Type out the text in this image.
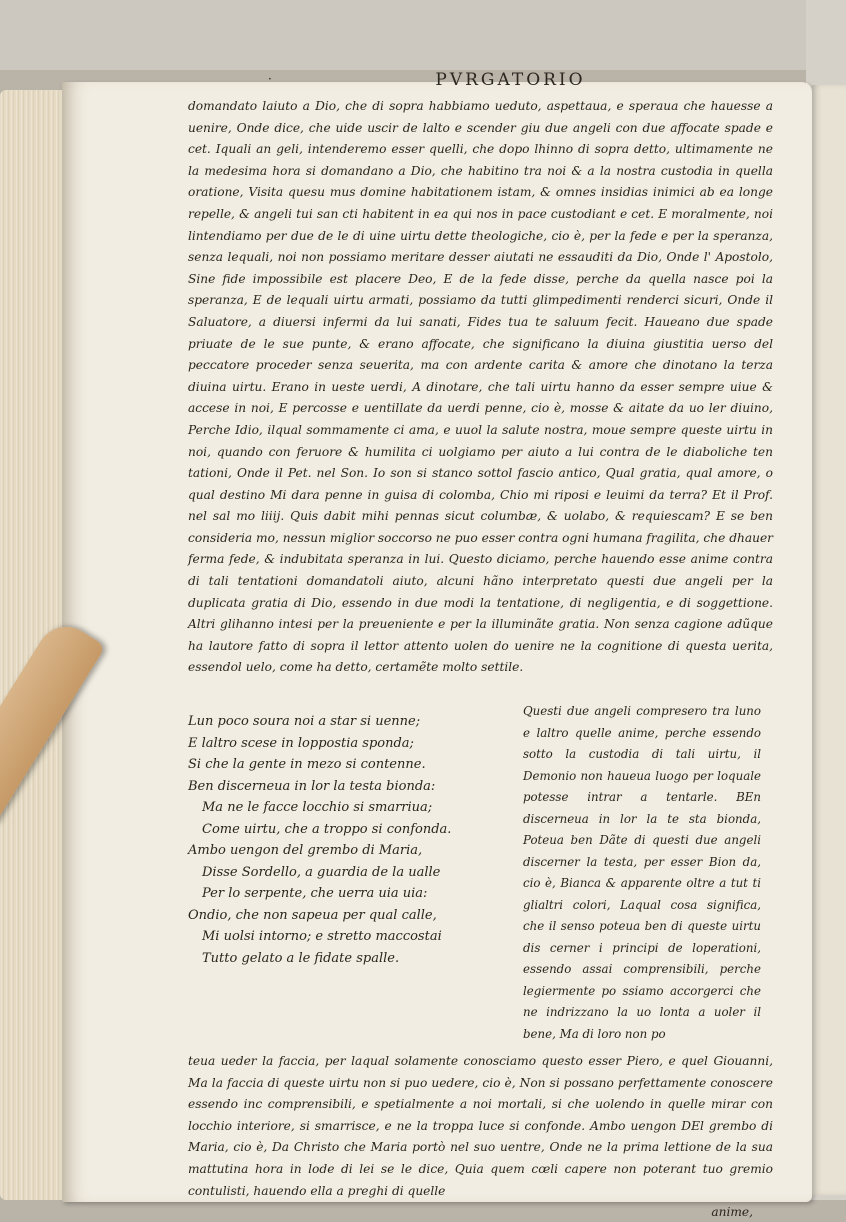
·	PVRGATORIO

domandato laiuto a Dio, che di sopra habbiamo ueduto, aspettaua, e speraua che hauesse a uenire, Onde dice, che uide uscir de lalto e scender giu due angeli con due affocate spade e cet. Iquali an geli, intenderemo esser quelli, che dopo lhinno di sopra detto, ultimamente ne la medesima hora si domandano a Dio, che habitino tra noi & a la nostra custodia in quella oratione, Visita quesu mus domine habitationem istam, & omnes insidias inimici ab ea longe repelle, & angeli tui san cti habitent in ea qui nos in pace custodiant e cet. E moralmente, noi lintendiamo per due de le di uine uirtu dette theologiche, cio è, per la fede e per la speranza, senza lequali, noi non possiamo meritare desser aiutati ne essauditi da Dio, Onde l' Apostolo, Sine fide impossibile est placere Deo, E de la fede disse, perche da quella nasce poi la speranza, E de lequali uirtu armati, possiamo da tutti glimpedimenti renderci sicuri, Onde il Saluatore, a diuersi infermi da lui sanati, Fides tua te saluum fecit. Haueano due spade priuate de le sue punte, & erano affocate, che significano la diuina giustitia uerso del peccatore proceder senza seuerita, ma con ardente carita & amore che dinotano la terza diuina uirtu. Erano in ueste uerdi, A dinotare, che tali uirtu hanno da esser sempre uiue & accese in noi, E percosse e uentillate da uerdi penne, cio è, mosse & aitate da uo ler diuino, Perche Idio, ilqual sommamente ci ama, e uuol la salute nostra, moue sempre queste uirtu in noi, quando con feruore & humilita ci uolgiamo per aiuto a lui contra de le diaboliche ten tationi, Onde il Pet. nel Son. Io son si stanco sottol fascio antico, Qual gratia, qual amore, o qual destino Mi dara penne in guisa di colomba, Chio mi riposi e leuimi da terra? Et il Prof. nel sal mo liiij. Quis dabit mihi pennas sicut columbæ, & uolabo, & requiescam? E se ben consideria mo, nessun miglior soccorso ne puo esser contra ogni humana fragilita, che dhauer ferma fede, & indubitata speranza in lui. Questo diciamo, perche hauendo esse anime contra di tali tentationi domandatoli aiuto, alcuni hãno interpretato questi due angeli per la duplicata gratia di Dio, essendo in due modi la tentatione, di negligentia, e di soggettione. Altri glihanno intesi per la preueniente e per la illuminãte gratia. Non senza cagione adũque ha lautore fatto di sopra il lettor attento uolen do uenire ne la cognitione di questa uerita, essendol uelo, come ha detto, certamẽte molto settile.

Lun poco soura noi a star si uenne;
E laltro scese in loppostia sponda;
Si che la gente in mezo si contenne.
Ben discerneua in lor la testa bionda:
Ma ne le facce locchio si smarriua;
Come uirtu, che a troppo si confonda.
Ambo uengon del grembo di Maria,
Disse Sordello, a guardia de la ualle
Per lo serpente, che uerra uia uia:
Ondio, che non sapeua per qual calle,
Mi uolsi intorno; e stretto maccostai
Tutto gelato a le fidate spalle.
Questi due angeli compresero tra luno e laltro quelle anime, perche essendo sotto la custodia di tali uirtu, il Demonio non haueua luogo per loquale potesse intrar a tentarle. BEn discerneua in lor la te sta bionda, Poteua ben Dãte di questi due angeli discerner la testa, per esser Bion da, cio è, Bianca & apparente oltre a tut ti glialtri colori, Laqual cosa significa, che il senso poteua ben di queste uirtu dis cerner i principi de loperationi, essendo assai comprensibili, perche legiermente po ssiamo accorgerci che ne indrizzano la uo lonta a uoler il bene, Ma di loro non po

teua ueder la faccia, per laqual solamente conosciamo questo esser Piero, e quel Giouanni, Ma la faccia di queste uirtu non si puo uedere, cio è, Non si possano perfettamente conoscere essendo inc comprensibili, e spetialmente a noi mortali, si che uolendo in quelle mirar con locchio interiore, si smarrisce, e ne la troppa luce si confonde. Ambo uengon DEl grembo di Maria, cio è, Da Christo che Maria portò nel suo uentre, Onde ne la prima lettione de la sua mattutina hora in lode di lei se le dice, Quia quem cœli capere non poterant tuo gremio contulisti, hauendo ella a preghi di quelle

anime,
